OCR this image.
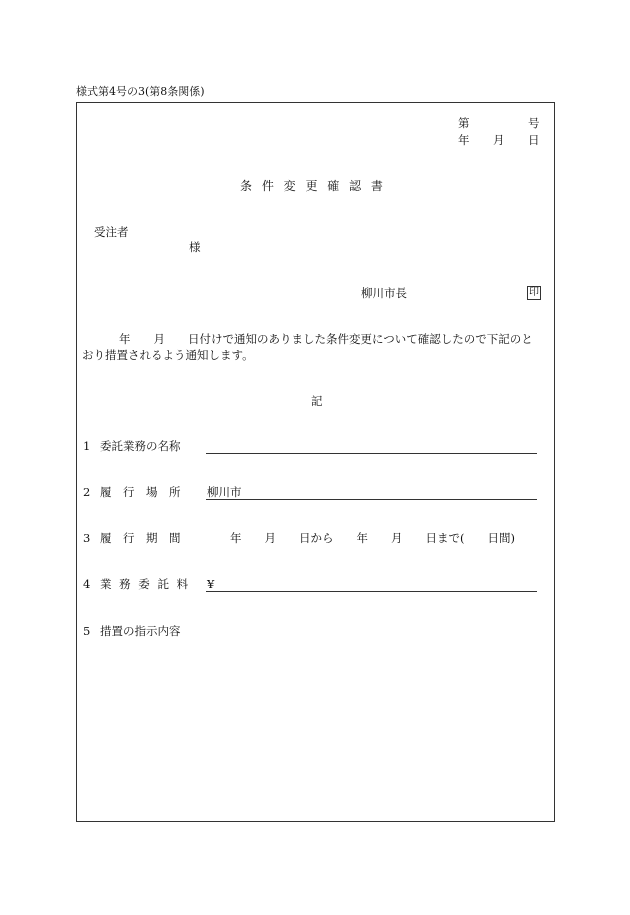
様式第4号の3(第8条関係)
第	号
年 月 日
条 件 変 更 確 認 書
受注者
様
柳川市長	印
年　　月　　日付けで通知のありました条件変更について確認したので下記のと
おり措置されるよう通知します。
記
1 委託業務の名称
2 履　行　場　所 柳川市
3 履　行　期　間	年　　月　　日から　　年　　月　　日まで(　　日間)
4 業 務 委 託 料 ¥
5 措置の指示内容
